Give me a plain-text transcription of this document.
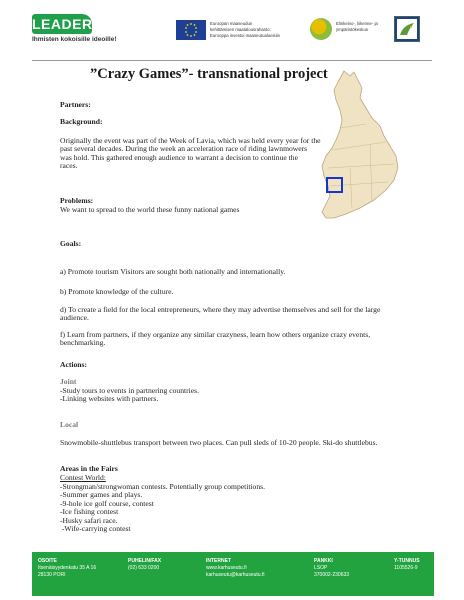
LEADER
Ihmisten kokoisille ideoille!
Euroopan maaseudun
kehittämisen maatalousrahasto:
Eurooppa investoi maaseutualueisiin
Elinkeino-, liikenne- ja
ympäristökeskus
”Crazy Games”- transnational project
Partners:
Background:
Originally the event was part of the Week of Lavia, which was held every year for the
past several decades. During the week an acceleration race of riding lawnmowers
was hold. This gathered enough audience to warrant a decision to continue the
races.
Problems:
We want to spread to the world these funny national games
Goals:
a) Promote tourism Visitors are sought both nationally and internationally.
b) Promote knowledge of the culture.
d) To create a field for the local entrepreneurs, where they may advertise themselves and sell for the large
audience.
f) Learn from partners, if they organize any similar crazyness, learn how others organize crazy events,
benchmarking.
Actions:
Joint
-Study tours to events in partnering countries.
-Linking websites with partners.
Local
Snowmobile-shuttlebus transport between two places. Can pull sleds of 10-20 people. Ski-do shuttlebus.
Areas in the Fairs
Contest World:
-Strongman/strongwoman contests. Potentially group competitions.
-Summer games and plays.
-9-hole ice golf course, contest
-Ice fishing contest
-Husky safari race.
-Wife-carrying contest
OSOITE
Itsenäisyydenkatu 35 A 16
28130 PORI
PUHELIN/FAX
(02) 633 0200
INTERNET
www.karhuseutu.fi
karhuseutu@karhuseutu.fi
PANKKI
LSOP
370002-230633
Y-TUNNUS
1105526-9
